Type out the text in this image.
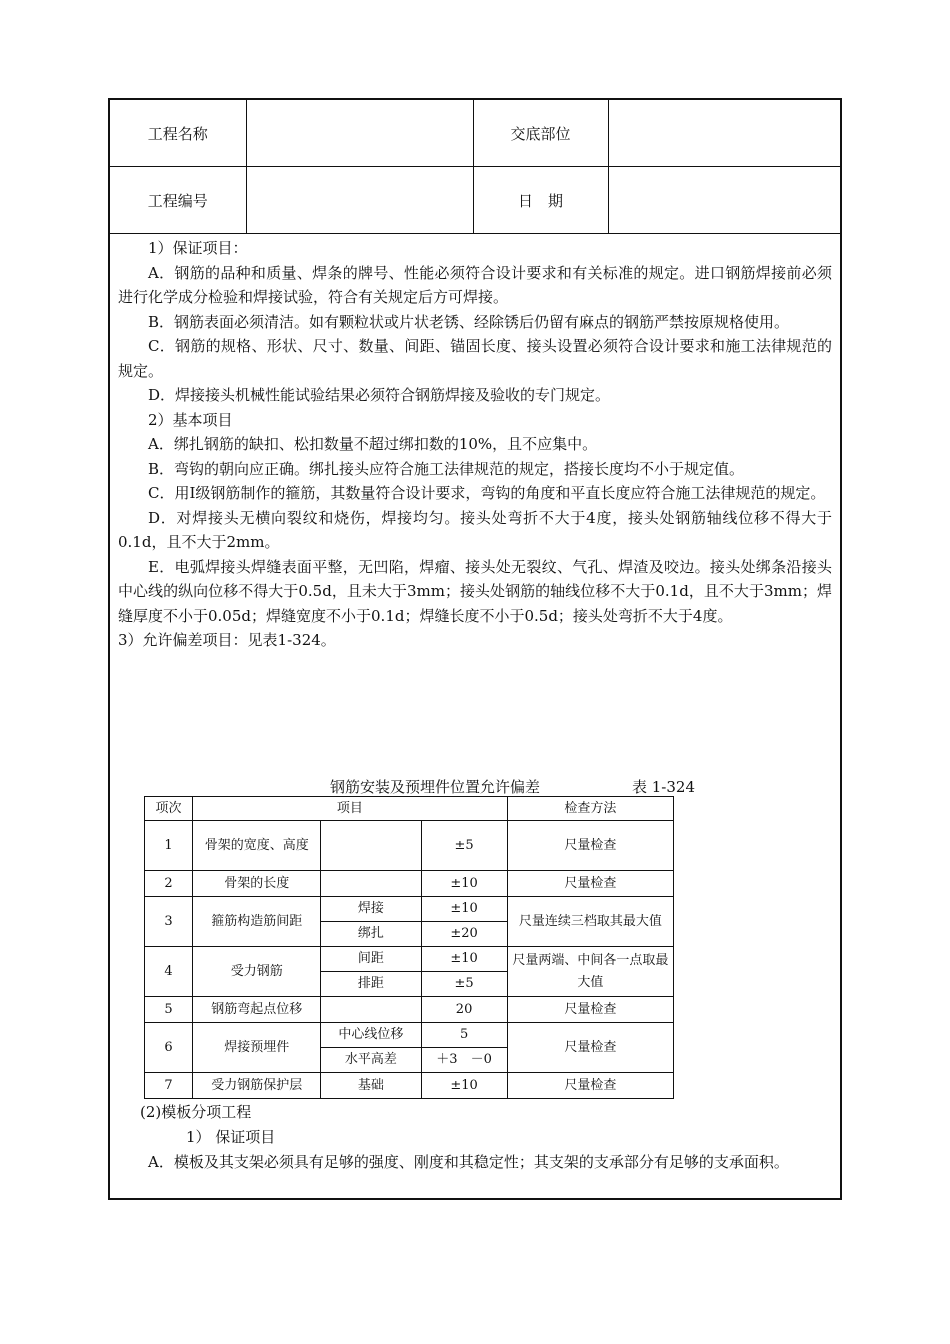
工程名称		交底部位	
工程编号		日　期	

1）保证项目：

A．钢筋的品种和质量、焊条的牌号、性能必须符合设计要求和有关标准的规定。进口钢筋焊接前必须进行化学成分检验和焊接试验，符合有关规定后方可焊接。

B．钢筋表面必须清洁。如有颗粒状或片状老锈、经除锈后仍留有麻点的钢筋严禁按原规格使用。

C．钢筋的规格、形状、尺寸、数量、间距、锚固长度、接头设置必须符合设计要求和施工法律规范的规定。

D．焊接接头机械性能试验结果必须符合钢筋焊接及验收的专门规定。

2）基本项目

A．绑扎钢筋的缺扣、松扣数量不超过绑扣数的10%，且不应集中。

B．弯钩的朝向应正确。绑扎接头应符合施工法律规范的规定，搭接长度均不小于规定值。

C．用I级钢筋制作的箍筋，其数量符合设计要求，弯钩的角度和平直长度应符合施工法律规范的规定。

D．对焊接头无横向裂纹和烧伤，焊接均匀。接头处弯折不大于4度，接头处钢筋轴线位移不得大于0.1d，且不大于2mm。

E．电弧焊接头焊缝表面平整，无凹陷，焊瘤、接头处无裂纹、气孔、焊渣及咬边。接头处绑条沿接头中心线的纵向位移不得大于0.5d，且未大于3mm；接头处钢筋的轴线位移不大于0.1d，且不大于3mm；焊缝厚度不小于0.05d；焊缝宽度不小于0.1d；焊缝长度不小于0.5d；接头处弯折不大于4度。

3）允许偏差项目：见表1-324。

钢筋安装及预埋件位置允许偏差	表 1-324
项次	项目			检查方法
1	骨架的宽度、高度		±5	尺量检查
2	骨架的长度		±10	尺量检查
3	箍筋构造筋间距	焊接	±10	尺量连续三档取其最大值
		绑扎	±20	
4	受力钢筋	间距	±10	尺量两端、中间各一点取最大值
		排距	±5	
5	钢筋弯起点位移		20	尺量检查
6	焊接预埋件	中心线位移	5	尺量检查
		水平高差	＋3　－0	
7	受力钢筋保护层	基础	±10	尺量检查

(2)模板分项工程

1） 保证项目

A．模板及其支架必须具有足够的强度、刚度和其稳定性；其支架的支承部分有足够的支承面积。
